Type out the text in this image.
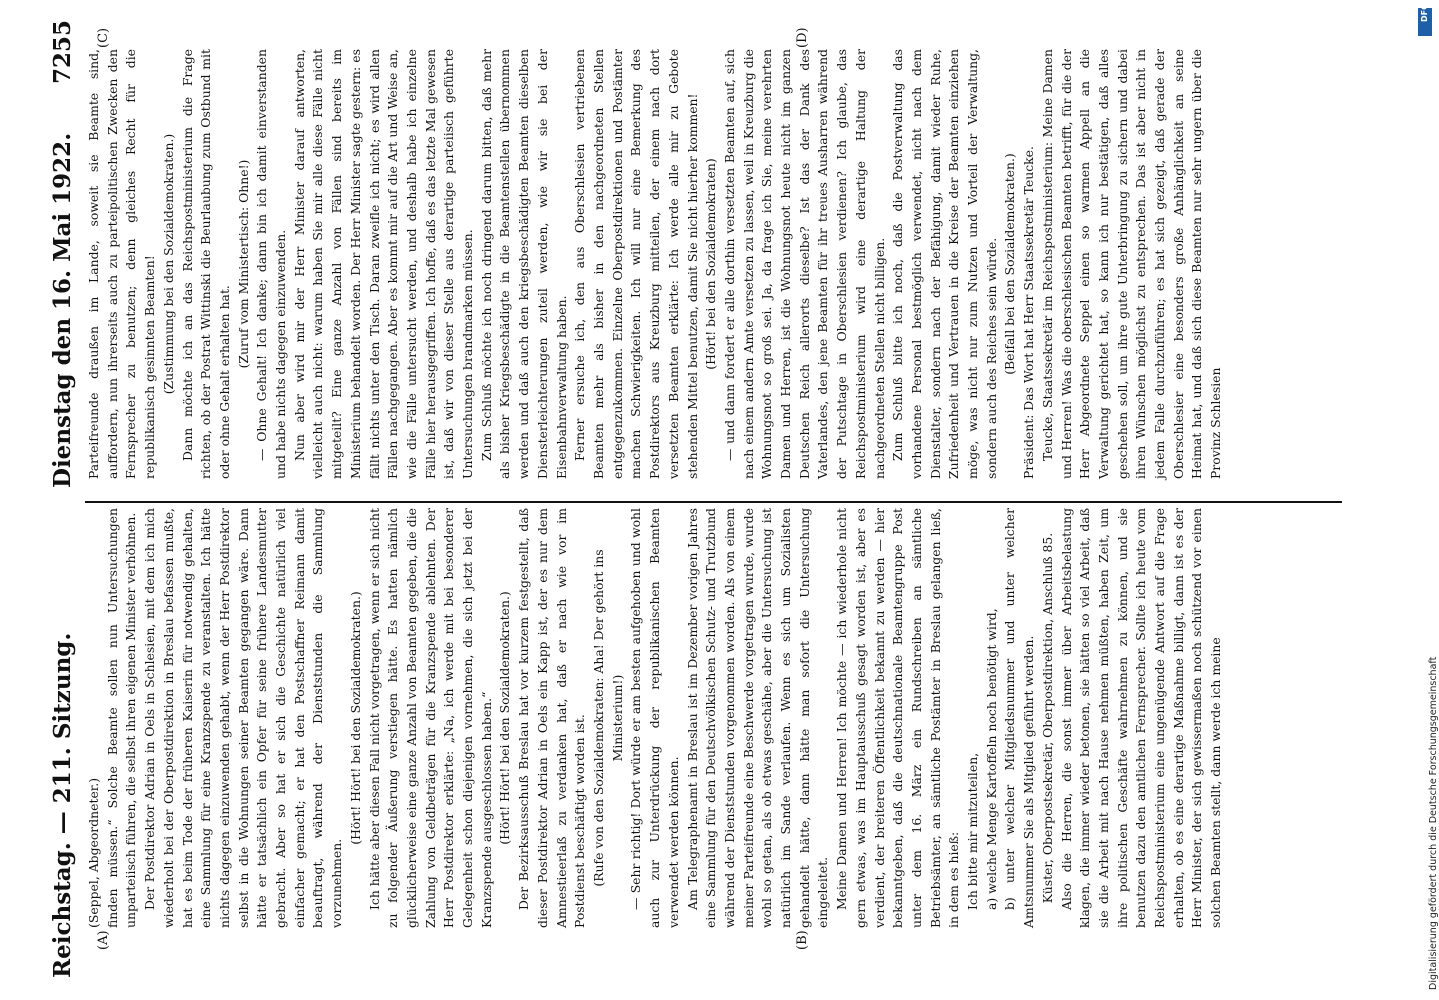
Reichstag. — 211. Sitzung.
Dienstag den 16. Mai 1922.
7255
(A)	(B)
(C)	(D)

(Seppel, Abgeordneter.) finden müssen.“ Solche Beamte sollen nun Untersuchungen unparteiisch führen, die selbst ihren eigenen Minister verhöhnen. Der Postdirektor Adrian in Oels in Schlesien, mit dem ich mich wiederholt bei der Oberpostdirektion in Breslau befassen mußte, hat es beim Tode der früheren Kaiserin für notwendig gehalten, eine Sammlung für eine Kranzspende zu veranstalten. Ich hätte nichts dagegen einzuwenden gehabt, wenn der Herr Postdirektor selbst in die Wohnungen seiner Beamten gegangen wäre. Dann hätte er tatsächlich ein Opfer für seine frühere Landesmutter gebracht. Aber so hat er sich die Geschichte natürlich viel einfacher gemacht; er hat den Postschaffner Reimann damit beauftragt, während der Dienststunden die Sammlung vorzunehmen.

(Hört! Hört! bei den Sozialdemokraten.) Ich hätte aber diesen Fall nicht vorgetragen, wenn er sich nicht zu folgender Äußerung verstiegen hätte. Es hatten nämlich glücklicherweise eine ganze Anzahl von Beamten gegeben, die die Zahlung von Geldbeträgen für die Kranzspende ablehnten. Der Herr Postdirektor erklärte: „Na, ich werde mit bei besonderer Gelegenheit schon diejenigen vornehmen, die sich jetzt bei der Kranzspende ausgeschlossen haben.“ (Hört! Hört! bei den Sozialdemokraten.) Der Bezirksausschuß Breslau hat vor kurzem festgestellt, daß dieser Postdirektor Adrian in Oels ein Kapp ist, der es nur dem Amnestieerlaß zu verdanken hat, daß er nach wie vor im Postdienst beschäftigt worden ist. (Rufe von den Sozialdemokraten: Aha! Der gehört ins Ministerium!) — Sehr richtig! Dort würde er am besten aufgehoben und wohl auch zur Unterdrückung der republikanischen Beamten verwendet werden können. Am Telegraphenamt in Breslau ist im Dezember vorigen Jahres eine Sammlung für den Deutschvölkischen Schutz- und Trutzbund während der Dienststunden vorgenommen worden. Als von einem meiner Parteifreunde eine Beschwerde vorgetragen wurde, wurde wohl so getan, als ob etwas geschähe, aber die Untersuchung ist natürlich im Sande verlaufen. Wenn es sich um Sozialisten gehandelt hätte, dann hätte man sofort die Untersuchung eingeleitet. Meine Damen und Herren! Ich möchte — ich wiederhole nicht gern etwas, was im Hauptausschuß gesagt worden ist, aber es verdient, der breiteren Öffentlichkeit bekannt zu werden — hier bekanntgeben, daß die deutschnationale Beamtengruppe Post unter dem 16. März ein Rundschreiben an sämtliche Betriebsämter, an sämtliche Postämter in Breslau gelangen ließ, in dem es hieß: Ich bitte mir mitzuteilen, a) welche Menge Kartoffeln noch benötigt wird, b) unter welcher Mitgliedsnummer und unter welcher Amtsnummer Sie als Mitglied geführt werden. Küster, Oberpostsekretär, Oberpostdirektion, Anschluß 85. Also die Herren, die sonst immer über Arbeitsbelastung klagen, die immer wieder betonen, sie hätten so viel Arbeit, daß sie die Arbeit mit nach Hause nehmen müßten, haben Zeit, um ihre politischen Geschäfte wahrnehmen zu können, und sie benutzen dazu den amtlichen Fernsprecher. Sollte ich heute vom Reichspostministerium eine ungenügende Antwort auf die Frage erhalten, ob es eine derartige Maßnahme billigt, dann ist es der Herr Minister, der sich gewissermaßen noch schützend vor einen solchen Beamten stellt, dann werde ich meine

Parteifreunde draußen im Lande, soweit sie Beamte sind, auffordern, nun ihrerseits auch zu parteipolitischen Zwecken den Fernsprecher zu benutzen; denn gleiches Recht für die republikanisch gesinnten Beamten! (Zustimmung bei den Sozialdemokraten.) Dann möchte ich an das Reichspostministerium die Frage richten, ob der Postrat Wittinski die Beurlaubung zum Ostbund mit oder ohne Gehalt erhalten hat.

(Zuruf vom Ministertisch: Ohne!) — Ohne Gehalt! Ich danke; dann bin ich damit einverstanden und habe nichts dagegen einzuwenden. Nun aber wird mir der Herr Minister darauf antworten, vielleicht auch nicht: warum haben Sie mir alle diese Fälle nicht mitgeteilt? Eine ganze Anzahl von Fällen sind bereits im Ministerium behandelt worden. Der Herr Minister sagte gestern: es fällt nichts unter den Tisch. Daran zweifle ich nicht; es wird allen Fällen nachgegangen. Aber es kommt mir auf die Art und Weise an, wie die Fälle untersucht werden, und deshalb habe ich einzelne Fälle hier herausgegriffen. Ich hoffe, daß es das letzte Mal gewesen ist, daß wir von dieser Stelle aus derartige parteiisch geführte Untersuchungen brandmarken müssen. Zum Schluß möchte ich noch dringend darum bitten, daß mehr als bisher Kriegsbeschädigte in die Beamtenstellen übernommen werden und daß auch den kriegsbeschädigten Beamten dieselben Diensterleichterungen zuteil werden, wie wir sie bei der Eisenbahnverwaltung haben. Ferner ersuche ich, den aus Oberschlesien vertriebenen Beamten mehr als bisher in den nachgeordneten Stellen entgegenzukommen. Einzelne Oberpostdirektionen und Postämter machen Schwierigkeiten. Ich will nur eine Bemerkung des Postdirektors aus Kreuzburg mitteilen, der einem nach dort versetzten Beamten erklärte: Ich werde alle mir zu Gebote stehenden Mittel benutzen, damit Sie nicht hierher kommen! (Hört! bei den Sozialdemokraten) — und dann fordert er alle dorthin versetzten Beamten auf, sich nach einem andern Amte versetzen zu lassen, weil in Kreuzburg die Wohnungsnot so groß sei. Ja, da frage ich Sie, meine verehrten Damen und Herren, ist die Wohnungsnot heute nicht im ganzen Deutschen Reich allerorts dieselbe? Ist das der Dank des Vaterlandes, den jene Beamten für ihr treues Ausharren während der Putschtage in Oberschlesien verdienen? Ich glaube, das Reichspostministerium wird eine derartige Haltung der nachgeordneten Stellen nicht billigen. Zum Schluß bitte ich noch, daß die Postverwaltung das vorhandene Personal bestmöglich verwendet, nicht nach dem Dienstalter, sondern nach der Befähigung, damit wieder Ruhe, Zufriedenheit und Vertrauen in die Kreise der Beamten einziehen möge, was nicht nur zum Nutzen und Vorteil der Verwaltung, sondern auch des Reiches sein würde. (Beifall bei den Sozialdemokraten.) Präsident: Das Wort hat Herr Staatssekretär Teucke. Teucke, Staatssekretär im Reichspostministerium: Meine Damen und Herren! Was die oberschlesischen Beamten betrifft, für die der Herr Abgeordnete Seppel einen so warmen Appell an die Verwaltung gerichtet hat, so kann ich nur bestätigen, daß alles geschehen soll, um ihre gute Unterbringung zu sichern und dabei ihren Wünschen möglichst zu entsprechen. Das ist aber nicht in jedem Falle durchzuführen; es hat sich gezeigt, daß gerade der Oberschlesier eine besonders große Anhänglichkeit an seine Heimat hat, und daß sich diese Beamten nur sehr ungern über die Provinz Schlesien

Digitalisierung gefördert durch die Deutsche Forschungsgemeinschaft
DFG
